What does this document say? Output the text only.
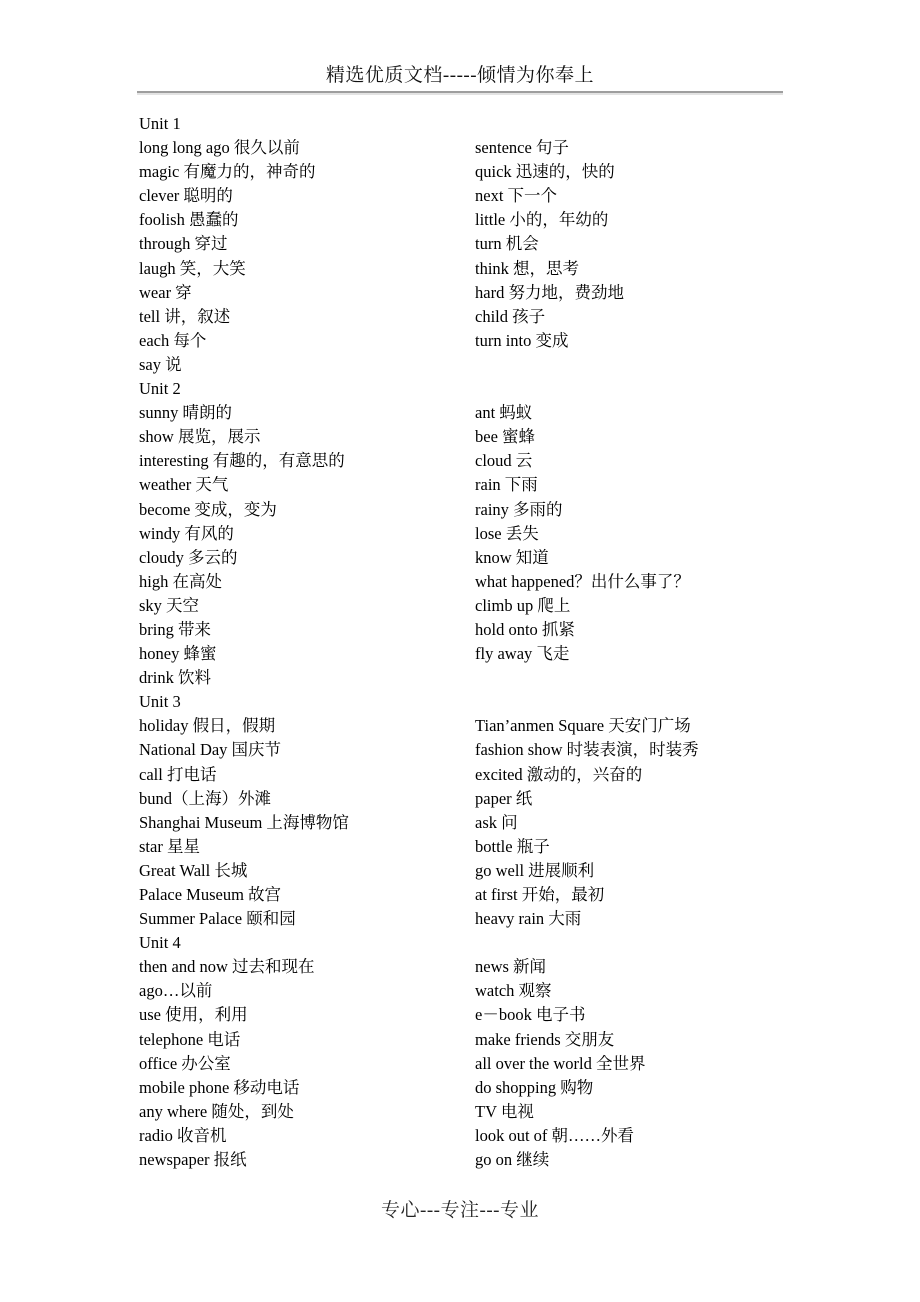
精选优质文档-----倾情为你奉上
Unit 1
long long ago 很久以前	sentence 句子
magic 有魔力的，神奇的	quick 迅速的，快的
clever 聪明的	next 下一个
foolish 愚蠢的	little 小的，年幼的
through 穿过	turn 机会
laugh 笑，大笑	think 想，思考
wear 穿	hard 努力地，费劲地
tell 讲，叙述	child 孩子
each 每个	turn into 变成
say 说
Unit 2
sunny 晴朗的	ant 蚂蚁
show 展览，展示	bee 蜜蜂
interesting 有趣的，有意思的	cloud 云
weather 天气	rain 下雨
become 变成，变为	rainy 多雨的
windy 有风的	lose 丢失
cloudy 多云的	know 知道
high 在高处	what happened？出什么事了？
sky 天空	climb up 爬上
bring 带来	hold onto 抓紧
honey 蜂蜜	fly away 飞走
drink 饮料
Unit 3
holiday 假日，假期	Tian’anmen Square 天安门广场
National Day 国庆节	fashion show 时装表演，时装秀
call 打电话	excited 激动的，兴奋的
bund（上海）外滩	paper 纸
Shanghai Museum 上海博物馆	ask 问
star 星星	bottle 瓶子
Great Wall 长城	go well 进展顺利
Palace Museum 故宫	at first 开始，最初
Summer Palace 颐和园	heavy rain 大雨
Unit 4
then and now 过去和现在	news 新闻
ago…以前	watch 观察
use 使用，利用	e－book 电子书
telephone 电话	make friends 交朋友
office 办公室	all over the world 全世界
mobile phone 移动电话	do shopping 购物
any where 随处，到处	TV 电视
radio 收音机	look out of 朝……外看
newspaper 报纸	go on 继续
专心---专注---专业
